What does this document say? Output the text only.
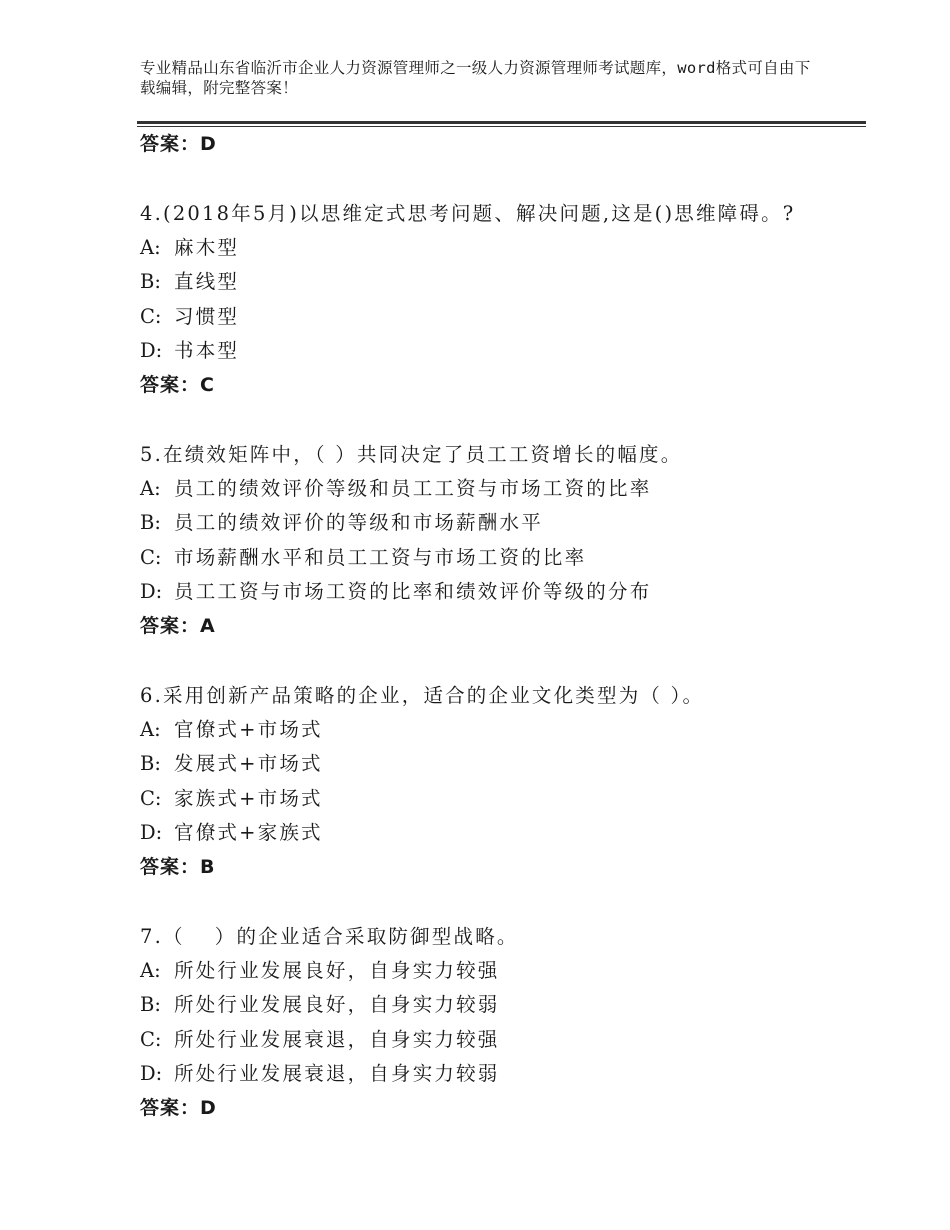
专业精品山东省临沂市企业人力资源管理师之一级人力资源管理师考试题库，word格式可自由下载编辑，附完整答案！
答案：D
4.(2018年5月)以思维定式思考问题、解决问题,这是()思维障碍。?
A: 麻木型
B: 直线型
C: 习惯型
D: 书本型
答案：C
5.在绩效矩阵中，（ ）共同决定了员工工资增长的幅度。
A: 员工的绩效评价等级和员工工资与市场工资的比率
B: 员工的绩效评价的等级和市场薪酬水平
C: 市场薪酬水平和员工工资与市场工资的比率
D: 员工工资与市场工资的比率和绩效评价等级的分布
答案：A
6.采用创新产品策略的企业，适合的企业文化类型为（ ）。
A: 官僚式+市场式
B: 发展式+市场式
C: 家族式+市场式
D: 官僚式+家族式
答案：B
7.（　 ）的企业适合采取防御型战略。
A: 所处行业发展良好，自身实力较强
B: 所处行业发展良好，自身实力较弱
C: 所处行业发展衰退，自身实力较强
D: 所处行业发展衰退，自身实力较弱
答案：D
